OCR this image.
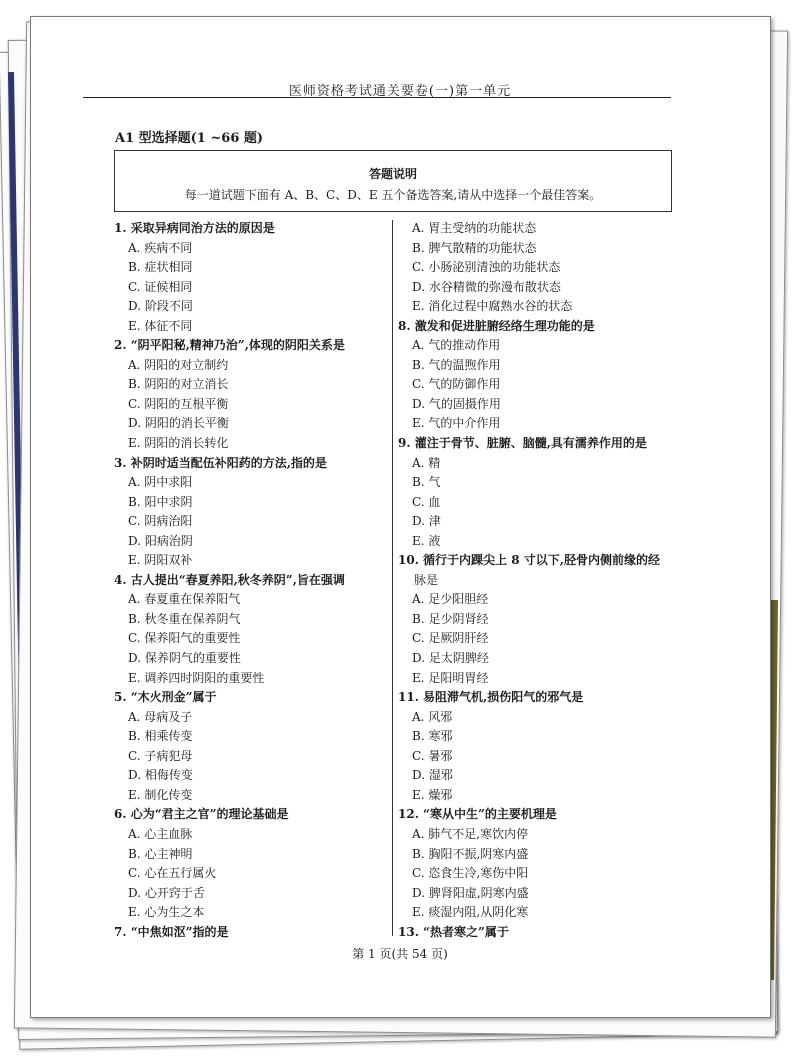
医师资格考试通关要卷(一)第一单元
A1 型选择题(1 ~66 题)
答题说明
每一道试题下面有 A、B、C、D、E 五个备选答案,请从中选择一个最佳答案。
1. 采取异病同治方法的原因是
A. 疾病不同
B. 症状相同
C. 证候相同
D. 阶段不同
E. 体征不同
2. “阴平阳秘,精神乃治”,体现的阴阳关系是
A. 阴阳的对立制约
B. 阴阳的对立消长
C. 阴阳的互根平衡
D. 阴阳的消长平衡
E. 阴阳的消长转化
3. 补阴时适当配伍补阳药的方法,指的是
A. 阴中求阳
B. 阳中求阴
C. 阴病治阳
D. 阳病治阴
E. 阴阳双补
4. 古人提出“春夏养阳,秋冬养阴”,旨在强调
A. 春夏重在保养阳气
B. 秋冬重在保养阴气
C. 保养阳气的重要性
D. 保养阴气的重要性
E. 调养四时阴阳的重要性
5. “木火刑金”属于
A. 母病及子
B. 相乘传变
C. 子病犯母
D. 相侮传变
E. 制化传变
6. 心为“君主之官”的理论基础是
A. 心主血脉
B. 心主神明
C. 心在五行属火
D. 心开窍于舌
E. 心为生之本
7. “中焦如沤”指的是
A. 胃主受纳的功能状态
B. 脾气散精的功能状态
C. 小肠泌别清浊的功能状态
D. 水谷精微的弥漫布散状态
E. 消化过程中腐熟水谷的状态
8. 激发和促进脏腑经络生理功能的是
A. 气的推动作用
B. 气的温煦作用
C. 气的防御作用
D. 气的固摄作用
E. 气的中介作用
9. 灌注于骨节、脏腑、脑髓,具有濡养作用的是
A. 精
B. 气
C. 血
D. 津
E. 液
10. 循行于内踝尖上 8 寸以下,胫骨内侧前缘的经
脉是
A. 足少阳胆经
B. 足少阴肾经
C. 足厥阴肝经
D. 足太阴脾经
E. 足阳明胃经
11. 易阻滞气机,损伤阳气的邪气是
A. 风邪
B. 寒邪
C. 暑邪
D. 湿邪
E. 燥邪
12. “寒从中生”的主要机理是
A. 肺气不足,寒饮内停
B. 胸阳不振,阴寒内盛
C. 恣食生冷,寒伤中阳
D. 脾肾阳虚,阴寒内盛
E. 痰湿内阻,从阴化寒
13. “热者寒之”属于
第 1 页(共 54 页)
